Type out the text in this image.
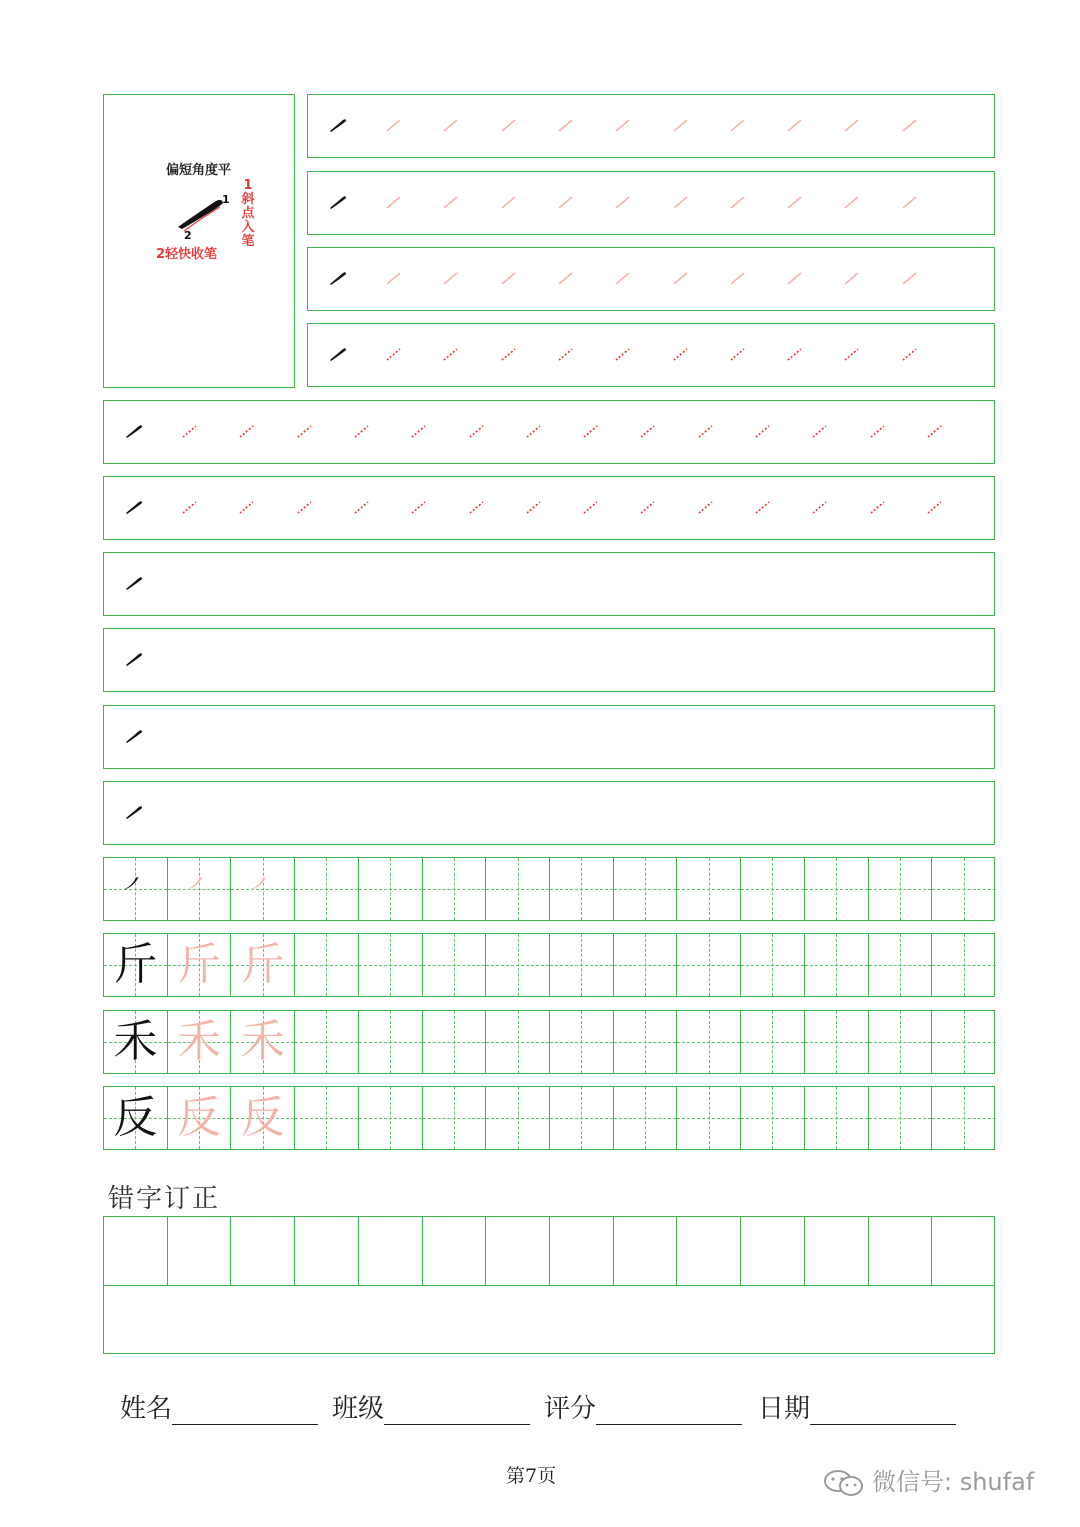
偏短角度平
1
2
2轻快收笔
1斜点入笔
㇒	㇒	㇒
斤 斤 斤
禾 禾 禾
反 反 反
错字订正
姓名	班级	评分	日期
第7页	微信号: shufaf
